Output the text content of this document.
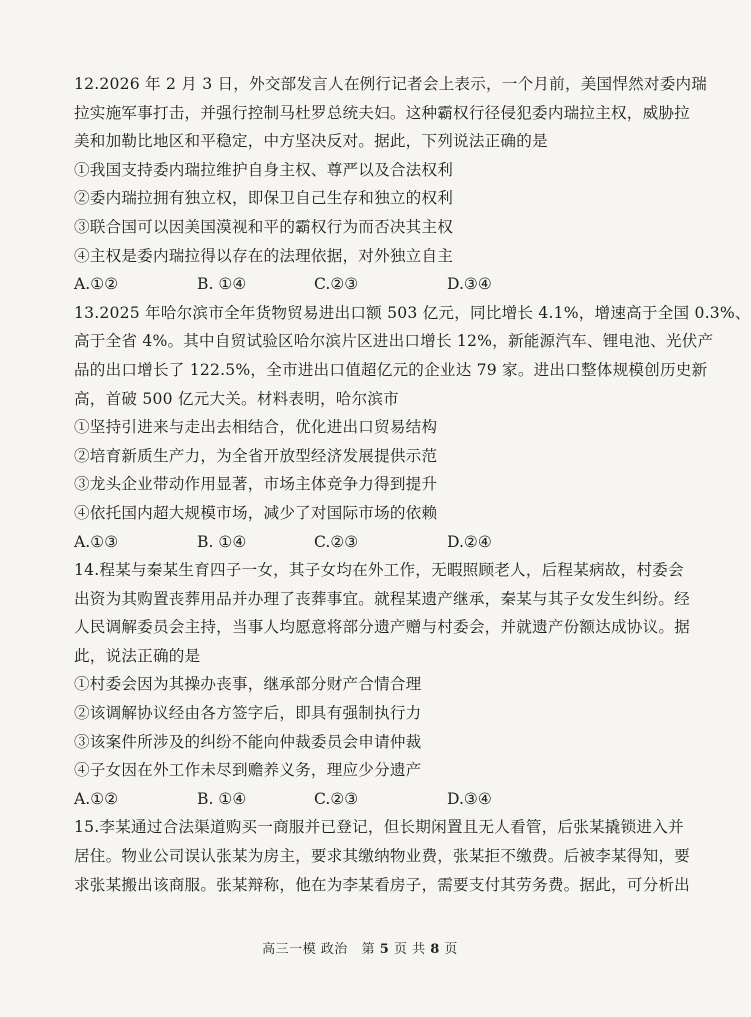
12.2026 年 2 月 3 日，外交部发言人在例行记者会上表示，一个月前，美国悍然对委内瑞
拉实施军事打击，并强行控制马杜罗总统夫妇。这种霸权行径侵犯委内瑞拉主权，威胁拉
美和加勒比地区和平稳定，中方坚决反对。据此，下列说法正确的是
①我国支持委内瑞拉维护自身主权、尊严以及合法权利
②委内瑞拉拥有独立权，即保卫自己生存和独立的权利
③联合国可以因美国漠视和平的霸权行为而否决其主权
④主权是委内瑞拉得以存在的法理依据，对外独立自主
A.①②	B. ①④	C.②③	D.③④
13.2025 年哈尔滨市全年货物贸易进出口额 503 亿元，同比增长 4.1%，增速高于全国 0.3%、
高于全省 4%。其中自贸试验区哈尔滨片区进出口增长 12%，新能源汽车、锂电池、光伏产
品的出口增长了 122.5%，全市进出口值超亿元的企业达 79 家。进出口整体规模创历史新
高，首破 500 亿元大关。材料表明，哈尔滨市
①坚持引进来与走出去相结合，优化进出口贸易结构
②培育新质生产力，为全省开放型经济发展提供示范
③龙头企业带动作用显著，市场主体竞争力得到提升
④依托国内超大规模市场，减少了对国际市场的依赖
A.①③	B. ①④	C.②③	D.②④
14.程某与秦某生育四子一女，其子女均在外工作，无暇照顾老人，后程某病故，村委会
出资为其购置丧葬用品并办理了丧葬事宜。就程某遗产继承，秦某与其子女发生纠纷。经
人民调解委员会主持，当事人均愿意将部分遗产赠与村委会，并就遗产份额达成协议。据
此，说法正确的是
①村委会因为其操办丧事，继承部分财产合情合理
②该调解协议经由各方签字后，即具有强制执行力
③该案件所涉及的纠纷不能向仲裁委员会申请仲裁
④子女因在外工作未尽到赡养义务，理应少分遗产
A.①②	B. ①④	C.②③	D.③④
15.李某通过合法渠道购买一商服并已登记，但长期闲置且无人看管，后张某撬锁进入并
居住。物业公司误认张某为房主，要求其缴纳物业费，张某拒不缴费。后被李某得知，要
求张某搬出该商服。张某辩称，他在为李某看房子，需要支付其劳务费。据此，可分析出
高三一模 政治 第 5 页 共 8 页
